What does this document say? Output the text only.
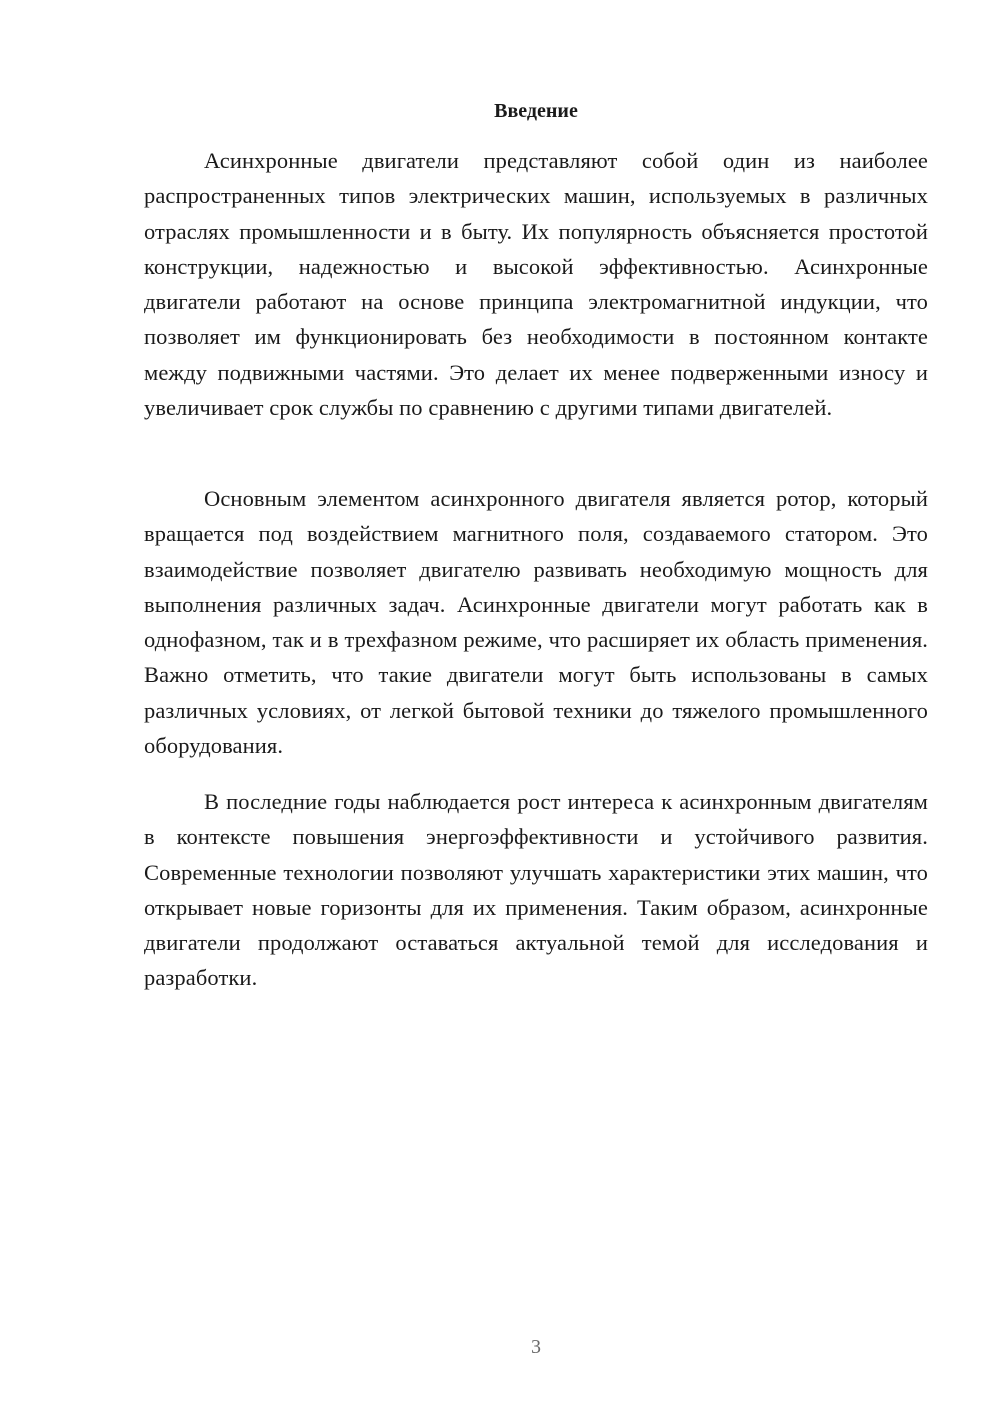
Введение

Асинхронные двигатели представляют собой один из наиболее распространенных типов электрических машин, используемых в различных отраслях промышленности и в быту. Их популярность объясняется простотой конструкции, надежностью и высокой эффективностью. Асинхронные двигатели работают на основе принципа электромагнитной индукции, что позволяет им функционировать без необходимости в постоянном контакте между подвижными частями. Это делает их менее подверженными износу и увеличивает срок службы по сравнению с другими типами двигателей.

Основным элементом асинхронного двигателя является ротор, который вращается под воздействием магнитного поля, создаваемого статором. Это взаимодействие позволяет двигателю развивать необходимую мощность для выполнения различных задач. Асинхронные двигатели могут работать как в однофазном, так и в трехфазном режиме, что расширяет их область применения. Важно отметить, что такие двигатели могут быть использованы в самых различных условиях, от легкой бытовой техники до тяжелого промышленного оборудования.

В последние годы наблюдается рост интереса к асинхронным двигателям в контексте повышения энергоэффективности и устойчивого развития. Современные технологии позволяют улучшать характеристики этих машин, что открывает новые горизонты для их применения. Таким образом, асинхронные двигатели продолжают оставаться актуальной темой для исследования и разработки.

3
